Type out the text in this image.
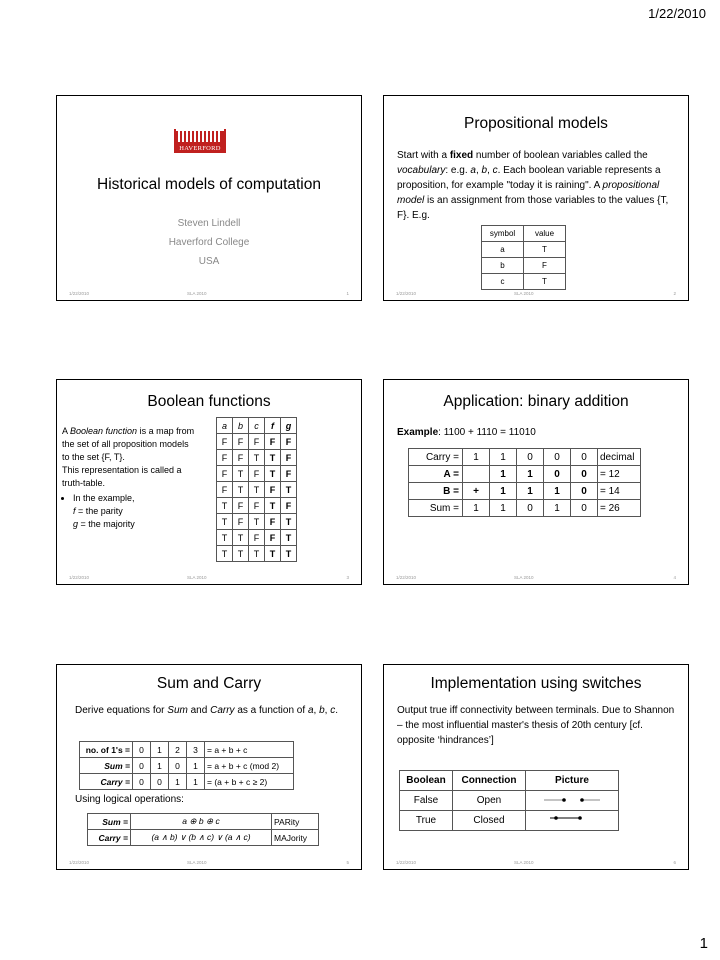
1/22/2010
HAVERFORD
Historical models of computation
Steven Lindell
Haverford College
USA
1/22/2010	SLA 2010	1
Propositional models
Start with a fixed number of boolean variables called the vocabulary: e.g. a, b, c. Each boolean variable represents a proposition, for example "today it is raining". A propositional model is an assignment from those variables to the values {T, F}. E.g.
symbol	value
a	T
b	F
c	T
1/22/2010	SLA 2010	2
Boolean functions
A Boolean function is a map from the set of all proposition models to the set {F, T}.
This representation is called a truth-table.
• In the example,
f = the parity
g = the majority
a	b	c	f	g
F	F	F	F	F
F	F	T	T	F
F	T	F	T	F
F	T	T	F	T
T	F	F	T	F
T	F	T	F	T
T	T	F	F	T
T	T	T	T	T
1/22/2010	SLA 2010	3
Application: binary addition
Example: 1100 + 1110 = 11010
Carry =	1	1	0	0	0	decimal
A =		1	1	0	0	= 12
B =	+	1	1	1	0	= 14
Sum =	1	1	0	1	0	= 26
1/22/2010	SLA 2010	4
Sum and Carry
Derive equations for Sum and Carry as a function of a, b, c.
no. of 1's =	0	1	2	3	= a + b + c
Sum =	0	1	0	1	= a + b + c (mod 2)
Carry =	0	0	1	1	= (a + b + c ≥ 2)
Using logical operations:
Sum =	a ⊕ b ⊕ c	PARity
Carry =	(a ∧ b) ∨ (b ∧ c) ∨ (a ∧ c)	MAJority
1/22/2010	SLA 2010	5
Implementation using switches
Output true iff connectivity between terminals. Due to Shannon – the most influential master's thesis of 20th century [cf. opposite ‘hindrances’]
Boolean	Connection	Picture
False	Open	
True	Closed	
1/22/2010	SLA 2010	6
1
